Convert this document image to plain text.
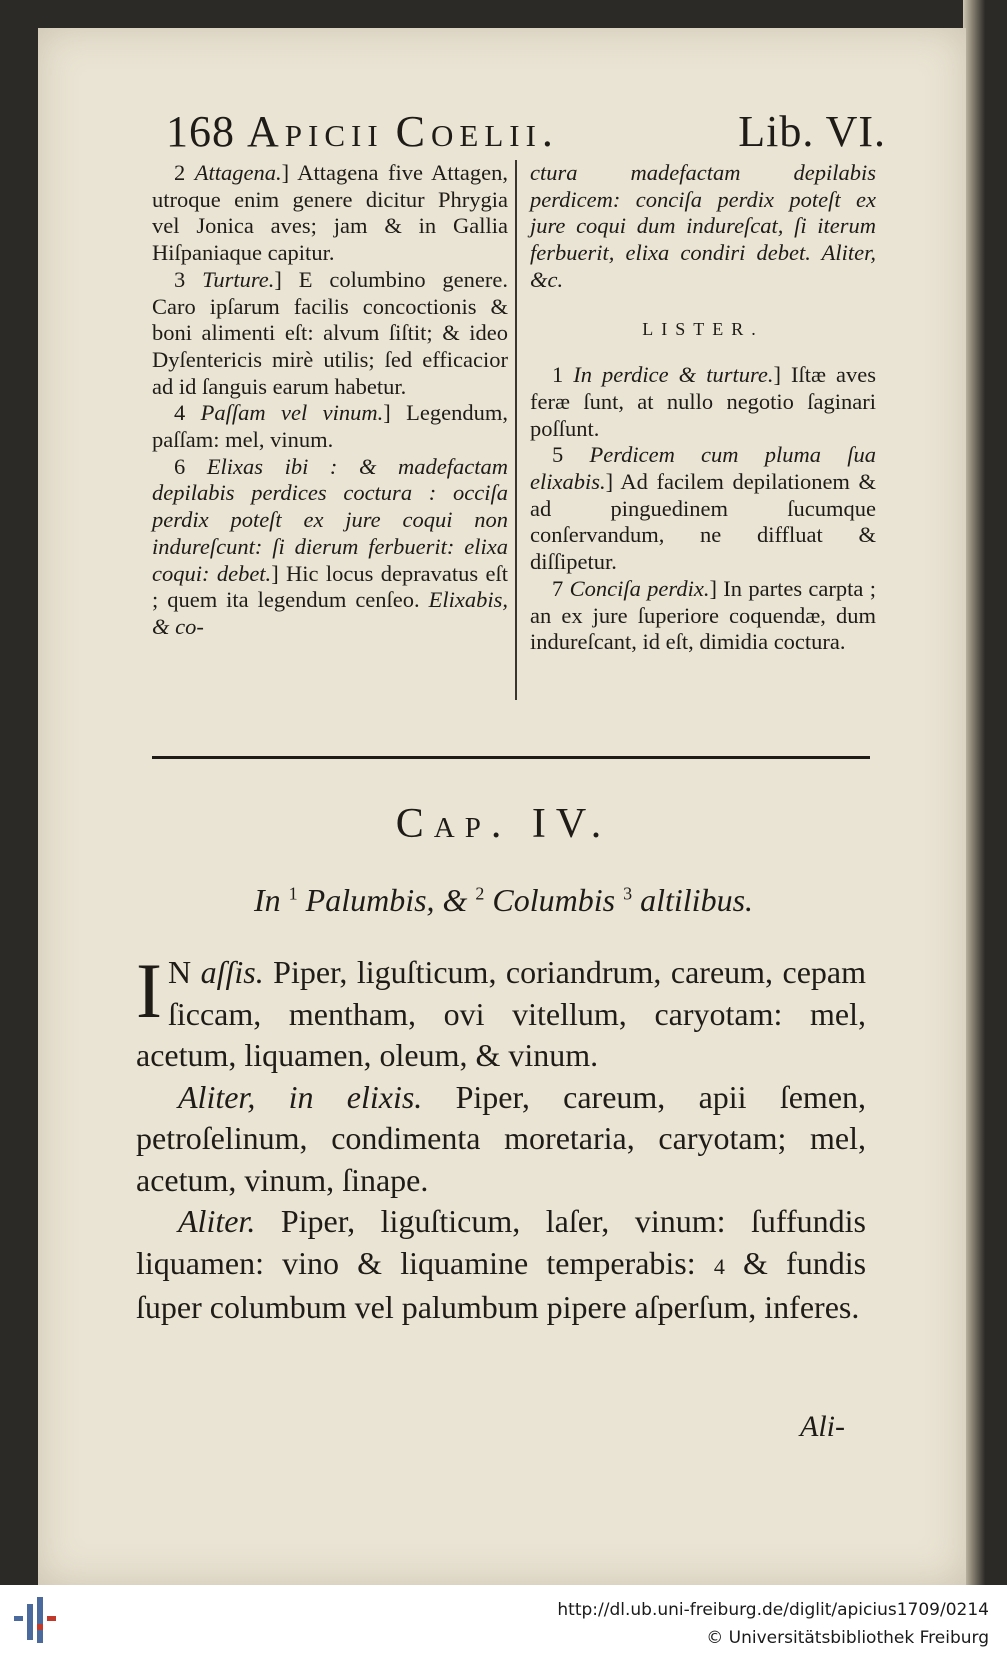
168 Apicii Coelii.	Lib. VI.

2 Attagena.] Attagena five Attagen, utroque enim genere dicitur Phrygia vel Jonica aves; jam & in Gallia Hiſpaniaque capitur.

3 Turture.] E columbino genere. Caro ipſarum facilis concoctionis & boni alimenti eſt: alvum ſiſtit; & ideo Dyſentericis mirè utilis; ſed efficacior ad id ſanguis earum habetur.

4 Paſſam vel vinum.] Legendum, paſſam: mel, vinum.

6 Elixas ibi : & madefactam depilabis perdices coctura : occiſa perdix poteſt ex jure coqui non indureſcunt: ſi dierum ferbuerit: elixa coqui: debet.] Hic locus depravatus eſt ; quem ita legendum cenſeo. Elixabis, & co-

ctura madefactam depilabis perdicem: conciſa perdix poteſt ex jure coqui dum indureſcat, ſi iterum ferbuerit, elixa condiri debet. Aliter, &c.

LISTER.

1 In perdice & turture.] Iſtæ aves feræ ſunt, at nullo negotio ſaginari poſſunt.

5 Perdicem cum pluma ſua elixabis.] Ad facilem depilationem & ad pinguedinem ſucumque conſervandum, ne diffluat & diſſipetur.

7 Conciſa perdix.] In partes carpta ; an ex jure ſuperiore coquendæ, dum indureſcant, id eſt, dimidia coctura.

Cap. IV.
In $^1$ Palumbis, & $^2$ Columbis $^3$ altilibus.

I N aſſis. Piper, liguſticum, coriandrum, careum, cepam ſiccam, mentham, ovi vitellum, caryotam: mel, acetum, liquamen, oleum, & vinum.

Aliter, in elixis. Piper, careum, apii ſemen, petroſelinum, condimenta moretaria, caryotam; mel, acetum, vinum, ſinape.

Aliter. Piper, liguſticum, laſer, vinum: ſuffundis liquamen: vino & liquamine temperabis: 4 & fundis ſuper columbum vel palumbum pipere aſperſum, inferes.

Ali-
http://dl.ub.uni-freiburg.de/diglit/apicius1709/0214
© Universitätsbibliothek Freiburg
